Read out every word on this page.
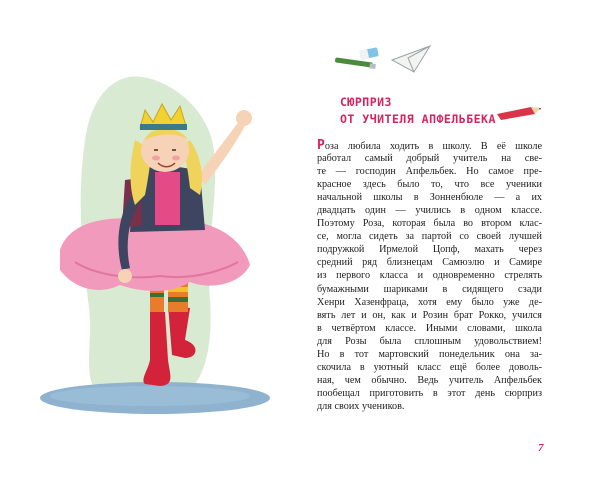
СЮРПРИЗ
ОТ УЧИТЕЛЯ АПФЕЛЬБЕКА
Роза любила ходить в школу. В её школе
работал самый добрый учитель на све-
те — господин Апфельбек. Но самое пре-
красное здесь было то, что все ученики
начальной школы в Зонненбюле — а их
двадцать один — учились в одном классе.
Поэтому Роза, которая была во втором клас-
се, могла сидеть за партой со своей лучшей
подружкой Ирмелой Цопф, махать через
средний ряд близнецам Самюэлю и Самире
из первого класса и одновременно стрелять
бумажными шариками в сидящего сзади
Хенри Хазенфраца, хотя ему было уже де-
вять лет и он, как и Розин брат Рокко, учился
в четвёртом классе. Иными словами, школа
для Розы была сплошным удовольствием!
Но в тот мартовский понедельник она за-
скочила в уютный класс ещё более доволь-
ная, чем обычно. Ведь учитель Апфельбек
пообещал приготовить в этот день сюрприз
для своих учеников.
7
